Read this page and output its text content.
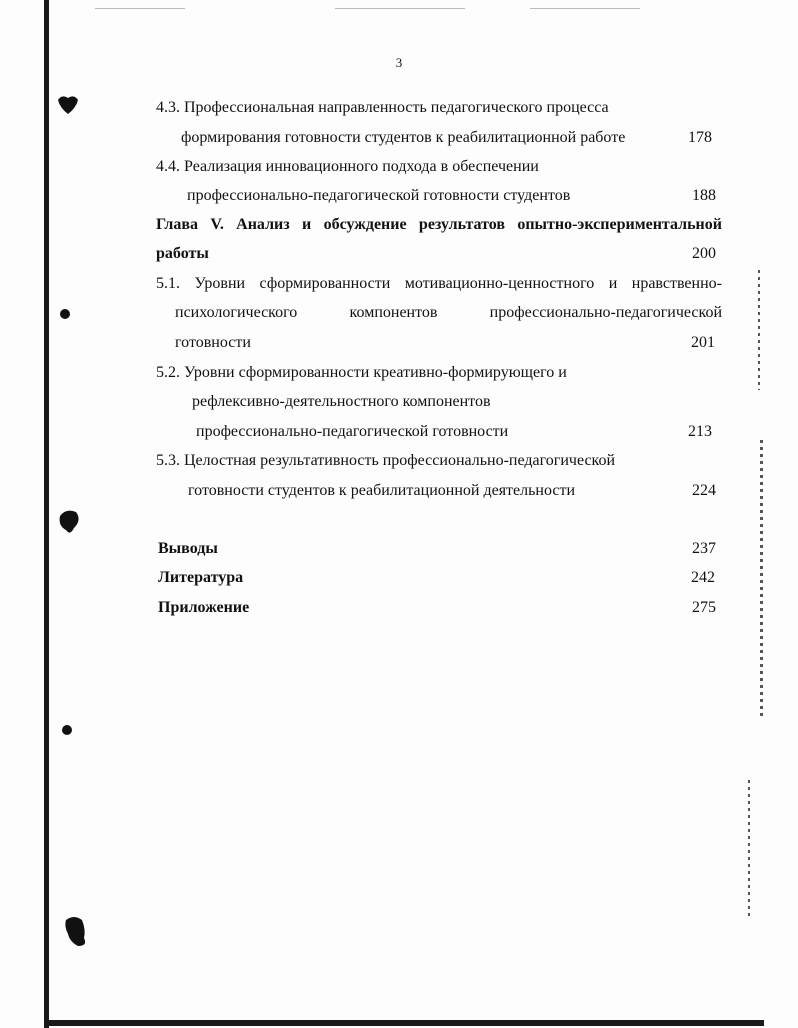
3
4.3. Профессиональная направленность педагогического процесса
формирования готовности студентов к реабилитационной работе	178
4.4. Реализация инновационного подхода в обеспечении
профессионально-педагогической готовности студентов	188
Глава V. Анализ и обсуждение результатов опытно-экспериментальной
работы	200
5.1. Уровни сформированности мотивационно-ценностного и нравственно-
психологического	компонентов	профессионально-педагогической
готовности	201
5.2. Уровни сформированности креативно-формирующего и
рефлексивно-деятельностного компонентов
профессионально-педагогической готовности	213
5.3. Целостная результативность профессионально-педагогической
готовности студентов к реабилитационной деятельности	224
Выводы	237
Литература	242
Приложение	275
